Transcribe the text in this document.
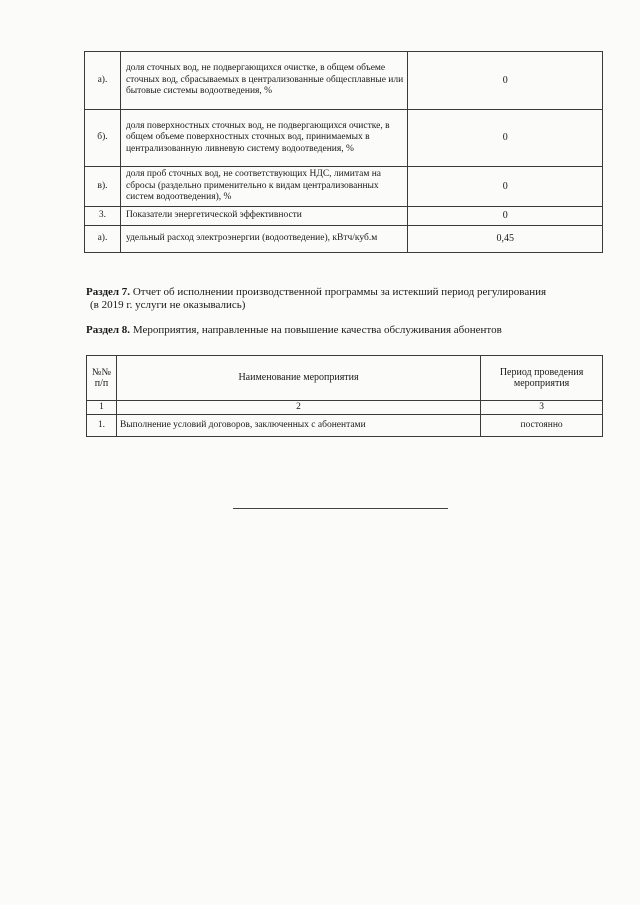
а).	доля сточных вод, не подвергающихся очистке, в общем объеме сточных вод, сбрасываемых в централизованные общесплавные или бытовые системы водоотведения, %	0
б).	доля поверхностных сточных вод, не подвергающихся очистке, в общем объеме поверхностных сточных вод, принимаемых в централизованную ливневую систему водоотведения, %	0
в).	доля проб сточных вод, не соответствующих НДС, лимитам на сбросы (раздельно применительно к видам централизованных систем водоотведения), %	0
3.	Показатели энергетической эффективности	0
а).	удельный расход электроэнергии (водоотведение), кВтч/куб.м	0,45
Раздел 7. Отчет об исполнении производственной программы за истекший период регулирования
(в 2019 г. услуги не оказывались)
Раздел 8. Мероприятия, направленные на повышение качества обслуживания абонентов
№№ п/п	Наименование мероприятия	Период проведения мероприятия
1	2	3
1.	Выполнение условий договоров, заключенных с абонентами	постоянно
